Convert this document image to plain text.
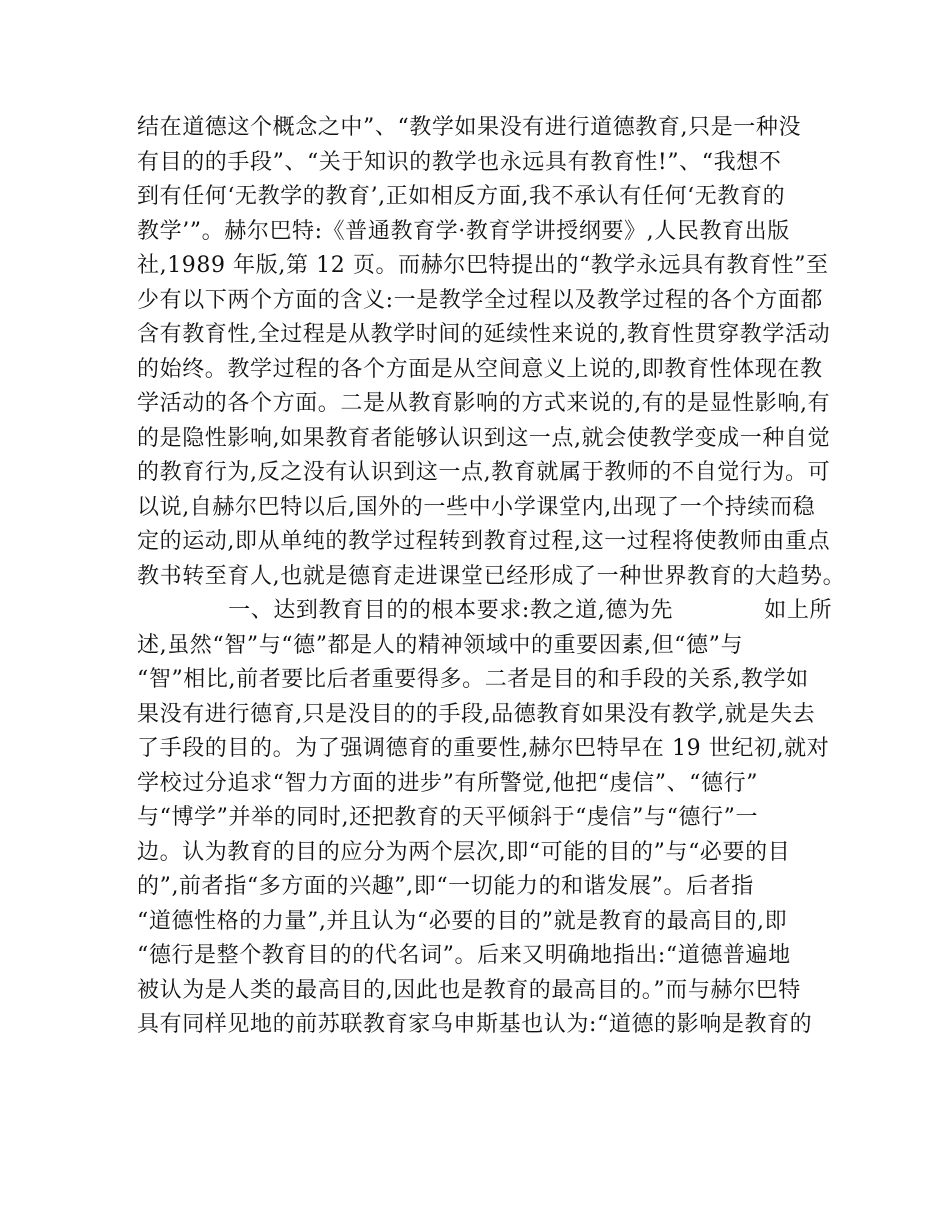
结在道德这个概念之中”、“教学如果没有进行道德教育,只是一种没
有目的的手段”、“关于知识的教学也永远具有教育性!”、“我想不
到有任何‘无教学的教育’,正如相反方面,我不承认有任何‘无教育的
教学’”。赫尔巴特:《普通教育学·教育学讲授纲要》,人民教育出版
社,1989 年版,第 12 页。而赫尔巴特提出的“教学永远具有教育性”至
少有以下两个方面的含义:一是教学全过程以及教学过程的各个方面都
含有教育性,全过程是从教学时间的延续性来说的,教育性贯穿教学活动
的始终。教学过程的各个方面是从空间意义上说的,即教育性体现在教
学活动的各个方面。二是从教育影响的方式来说的,有的是显性影响,有
的是隐性影响,如果教育者能够认识到这一点,就会使教学变成一种自觉
的教育行为,反之没有认识到这一点,教育就属于教师的不自觉行为。可
以说,自赫尔巴特以后,国外的一些中小学课堂内,出现了一个持续而稳
定的运动,即从单纯的教学过程转到教育过程,这一过程将使教师由重点
教书转至育人,也就是德育走进课堂已经形成了一种世界教育的大趋势。
一、达到教育目的的根本要求:教之道,德为先            如上所
述,虽然“智”与“德”都是人的精神领域中的重要因素,但“德”与
“智”相比,前者要比后者重要得多。二者是目的和手段的关系,教学如
果没有进行德育,只是没目的的手段,品德教育如果没有教学,就是失去
了手段的目的。为了强调德育的重要性,赫尔巴特早在 19 世纪初,就对
学校过分追求“智力方面的进步”有所警觉,他把“虔信”、“德行”
与“博学”并举的同时,还把教育的天平倾斜于“虔信”与“德行”一
边。认为教育的目的应分为两个层次,即“可能的目的”与“必要的目
的”,前者指“多方面的兴趣”,即“一切能力的和谐发展”。后者指
“道德性格的力量”,并且认为“必要的目的”就是教育的最高目的,即
“德行是整个教育目的的代名词”。后来又明确地指出:“道德普遍地
被认为是人类的最高目的,因此也是教育的最高目的。”而与赫尔巴特
具有同样见地的前苏联教育家乌申斯基也认为:“道德的影响是教育的
